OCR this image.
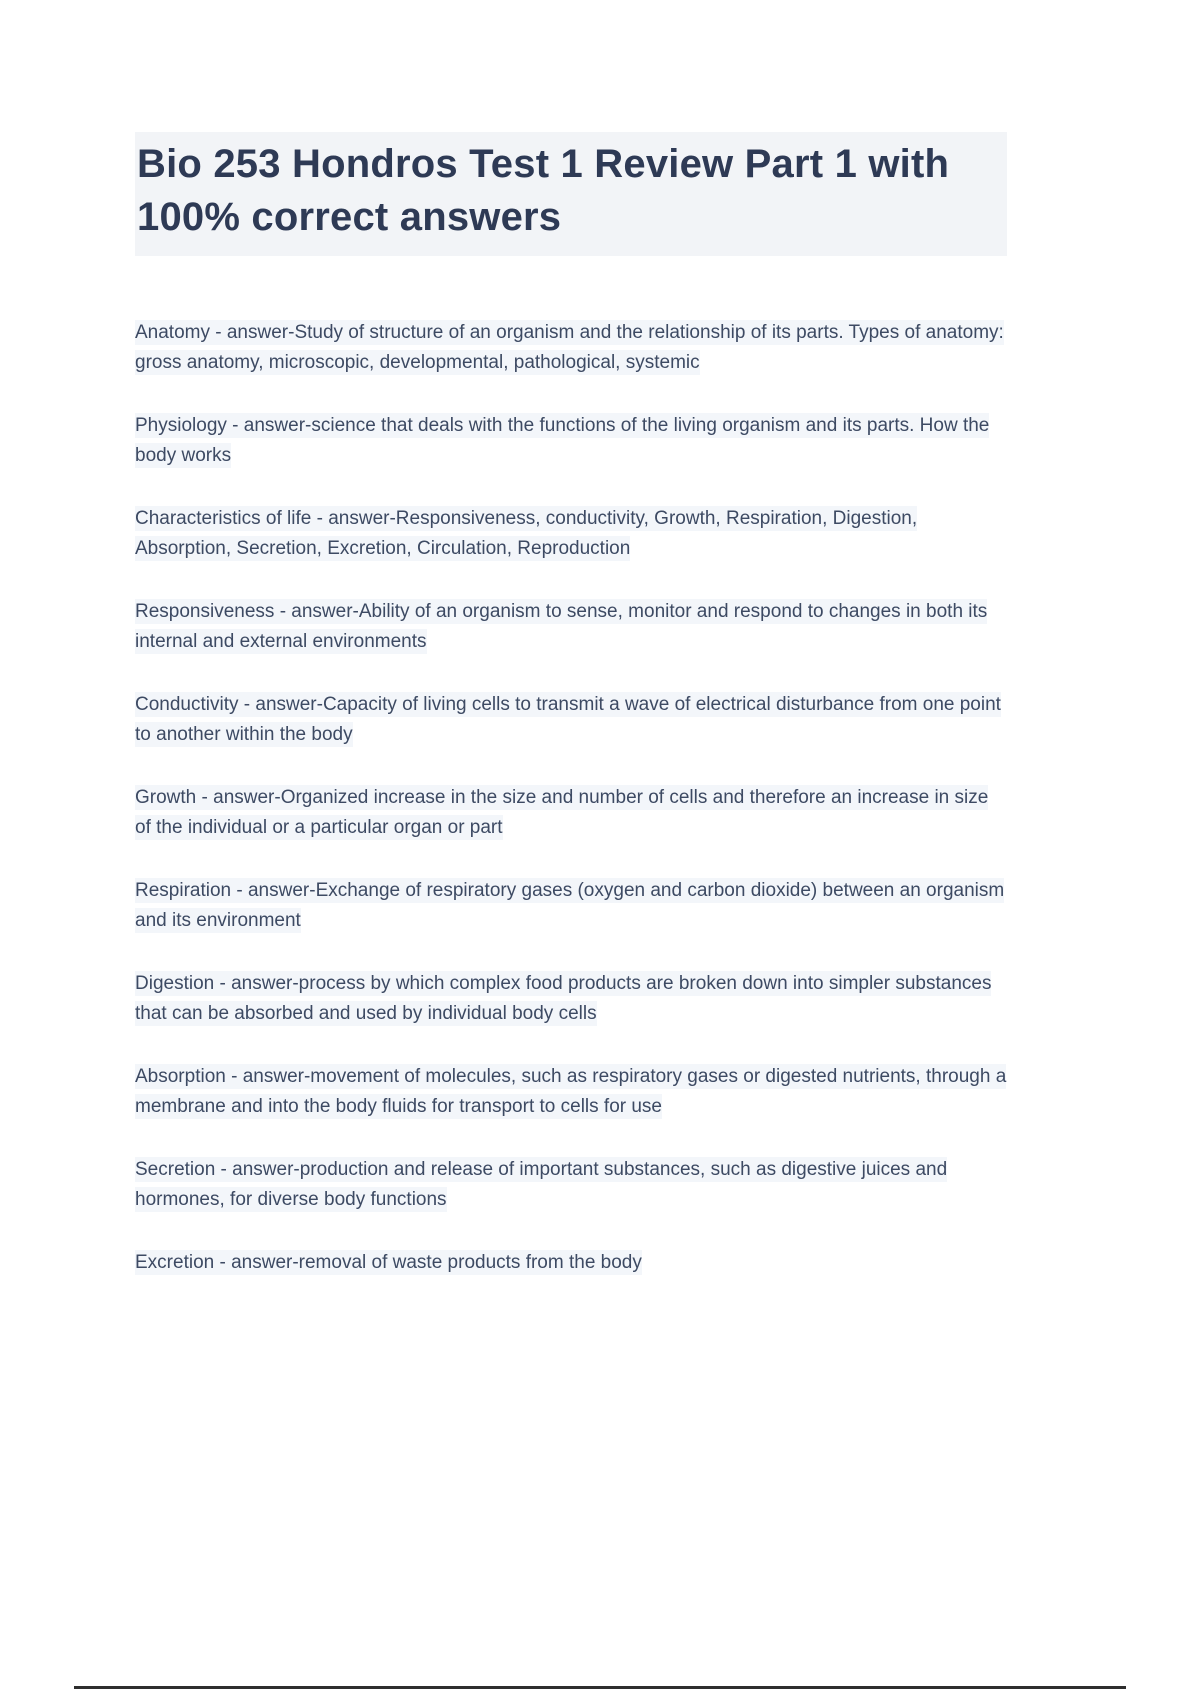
Bio 253 Hondros Test 1 Review Part 1 with 100% correct answers

Anatomy - answer-Study of structure of an organism and the relationship of its parts. Types of anatomy: gross anatomy, microscopic, developmental, pathological, systemic

Physiology - answer-science that deals with the functions of the living organism and its parts. How the body works

Characteristics of life - answer-Responsiveness, conductivity, Growth, Respiration, Digestion, Absorption, Secretion, Excretion, Circulation, Reproduction

Responsiveness - answer-Ability of an organism to sense, monitor and respond to changes in both its internal and external environments

Conductivity - answer-Capacity of living cells to transmit a wave of electrical disturbance from one point to another within the body

Growth - answer-Organized increase in the size and number of cells and therefore an increase in size of the individual or a particular organ or part

Respiration - answer-Exchange of respiratory gases (oxygen and carbon dioxide) between an organism and its environment

Digestion - answer-process by which complex food products are broken down into simpler substances that can be absorbed and used by individual body cells

Absorption - answer-movement of molecules, such as respiratory gases or digested nutrients, through a membrane and into the body fluids for transport to cells for use

Secretion - answer-production and release of important substances, such as digestive juices and hormones, for diverse body functions

Excretion - answer-removal of waste products from the body
